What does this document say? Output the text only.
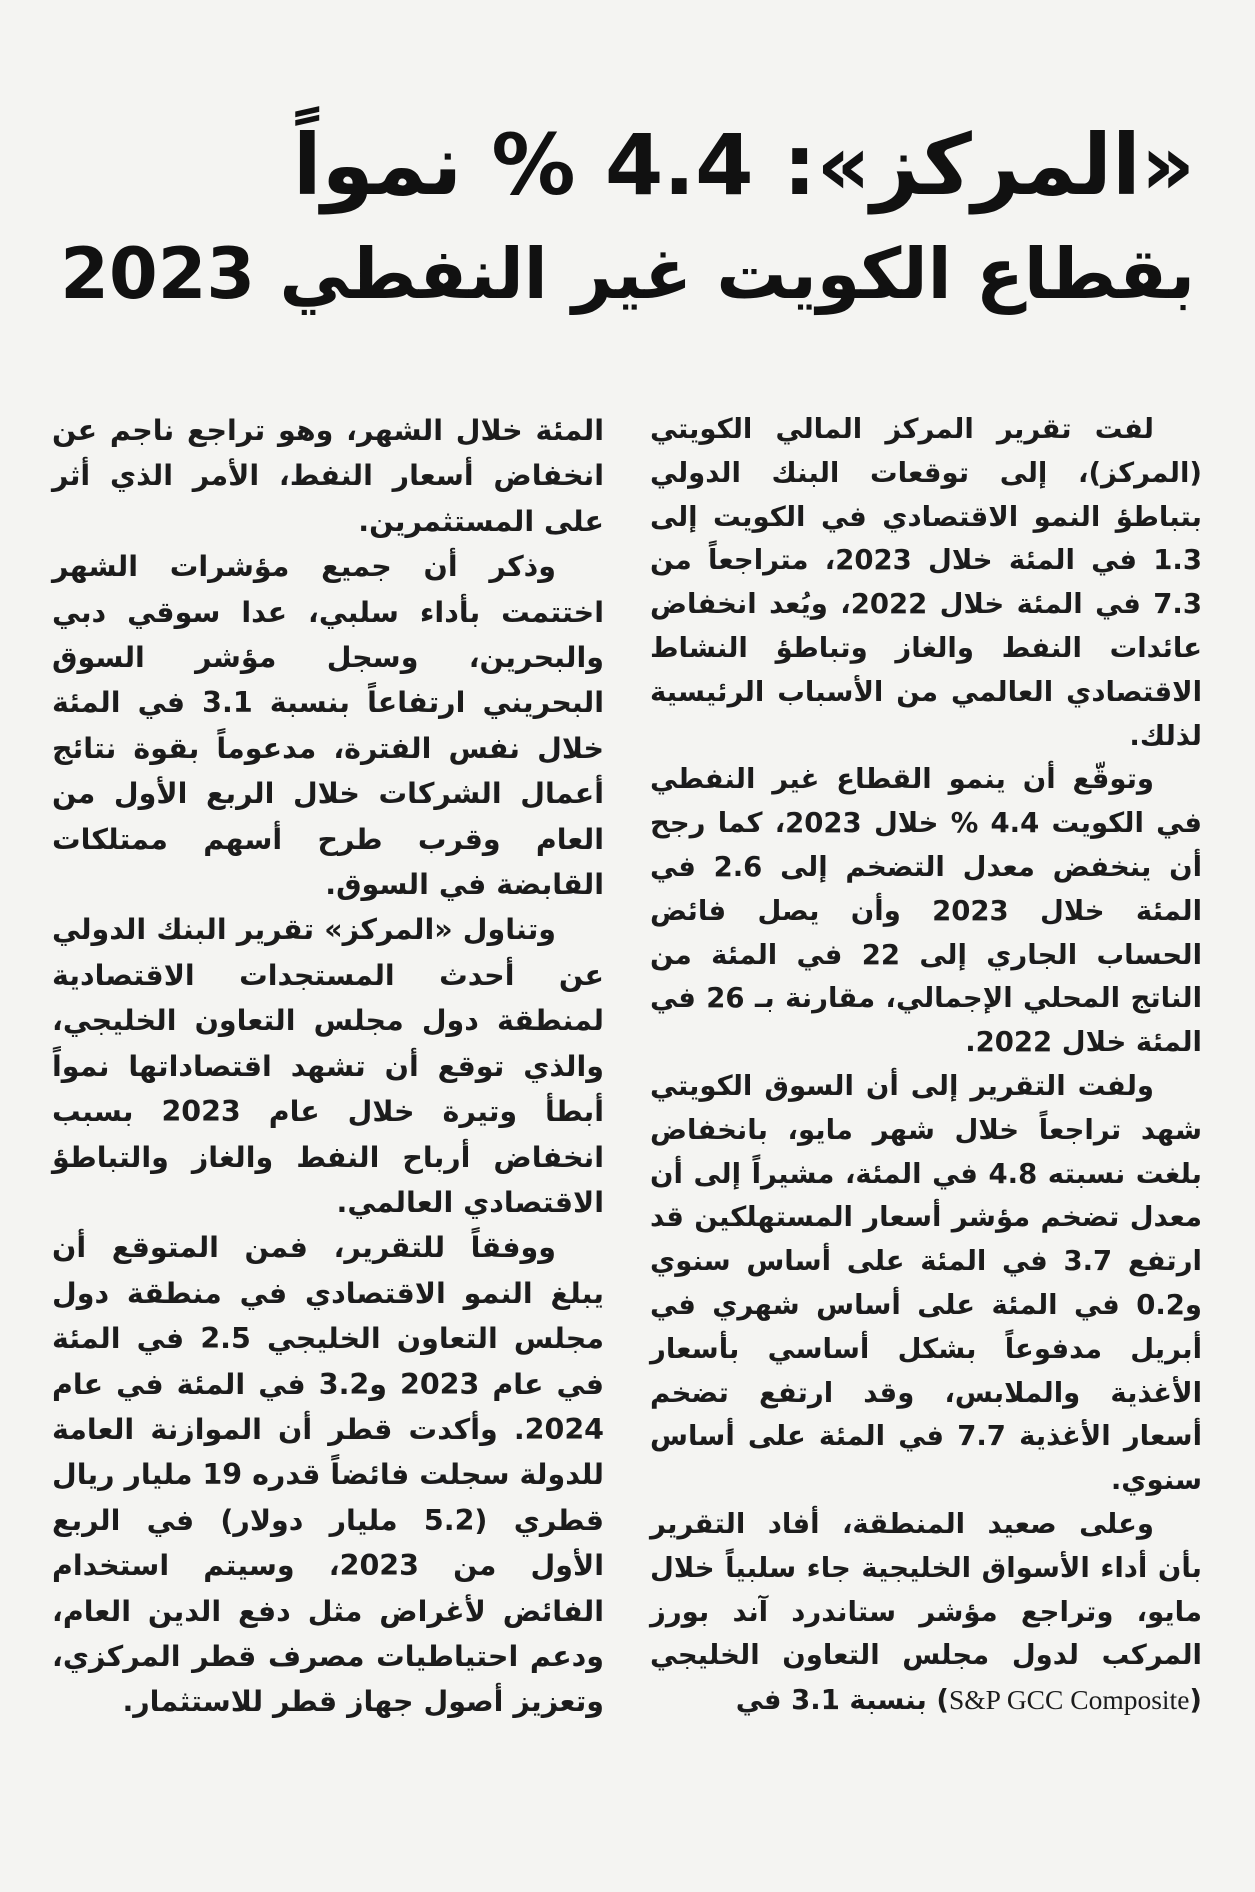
«المركز»: 4.4 % نمواً
بقطاع الكويت غير النفطي 2023

لفت تقرير المركز المالي الكويتي (المركز)، إلى توقعات البنك الدولي بتباطؤ النمو الاقتصادي في الكويت إلى 1.3 في المئة خلال 2023، متراجعاً من 7.3 في المئة خلال 2022، ويُعد انخفاض عائدات النفط والغاز وتباطؤ النشاط الاقتصادي العالمي من الأسباب الرئيسية لذلك.

وتوقّع أن ينمو القطاع غير النفطي في الكويت 4.4 % خلال 2023، كما رجح أن ينخفض معدل التضخم إلى 2.6 في المئة خلال 2023 وأن يصل فائض الحساب الجاري إلى 22 في المئة من الناتج المحلي الإجمالي، مقارنة بـ 26 في المئة خلال 2022.

ولفت التقرير إلى أن السوق الكويتي شهد تراجعاً خلال شهر مايو، بانخفاض بلغت نسبته 4.8 في المئة، مشيراً إلى أن معدل تضخم مؤشر أسعار المستهلكين قد ارتفع 3.7 في المئة على أساس سنوي و0.2 في المئة على أساس شهري في أبريل مدفوعاً بشكل أساسي بأسعار الأغذية والملابس، وقد ارتفع تضخم أسعار الأغذية 7.7 في المئة على أساس سنوي.

وعلى صعيد المنطقة، أفاد التقرير بأن أداء الأسواق الخليجية جاء سلبياً خلال مايو، وتراجع مؤشر ستاندرد آند بورز المركب لدول مجلس التعاون الخليجي (S&P GCC Composite) بنسبة 3.1 في

المئة خلال الشهر، وهو تراجع ناجم عن انخفاض أسعار النفط، الأمر الذي أثر على المستثمرين.

وذكر أن جميع مؤشرات الشهر اختتمت بأداء سلبي، عدا سوقي دبي والبحرين، وسجل مؤشر السوق البحريني ارتفاعاً بنسبة 3.1 في المئة خلال نفس الفترة، مدعوماً بقوة نتائج أعمال الشركات خلال الربع الأول من العام وقرب طرح أسهم ممتلكات القابضة في السوق.

وتناول «المركز» تقرير البنك الدولي عن أحدث المستجدات الاقتصادية لمنطقة دول مجلس التعاون الخليجي، والذي توقع أن تشهد اقتصاداتها نمواً أبطأ وتيرة خلال عام 2023 بسبب انخفاض أرباح النفط والغاز والتباطؤ الاقتصادي العالمي.

ووفقاً للتقرير، فمن المتوقع أن يبلغ النمو الاقتصادي في منطقة دول مجلس التعاون الخليجي 2.5 في المئة في عام 2023 و3.2 في المئة في عام 2024. وأكدت قطر أن الموازنة العامة للدولة سجلت فائضاً قدره 19 مليار ريال قطري (5.2 مليار دولار) في الربع الأول من 2023، وسيتم استخدام الفائض لأغراض مثل دفع الدين العام، ودعم احتياطيات مصرف قطر المركزي، وتعزيز أصول جهاز قطر للاستثمار.
